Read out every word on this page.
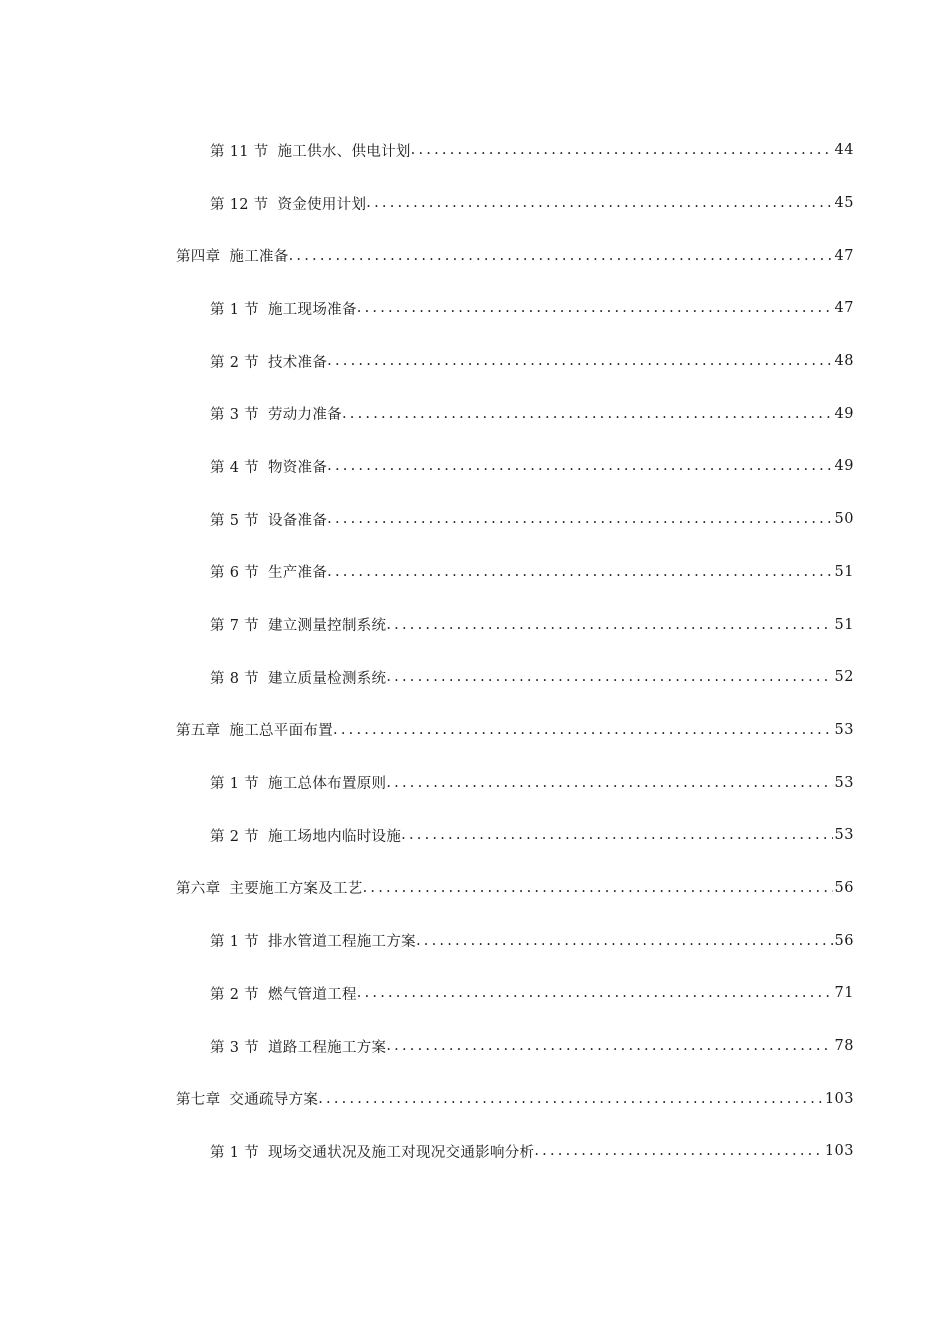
第 11 节 施工供水、供电计划 .....	44
第 12 节 资金使用计划 .....	45
第四章 施工准备 .....	47
第 1 节 施工现场准备 .....	47
第 2 节 技术准备 .....	48
第 3 节 劳动力准备 .....	49
第 4 节 物资准备 .....	49
第 5 节 设备准备 .....	50
第 6 节 生产准备 .....	51
第 7 节 建立测量控制系统 .....	51
第 8 节 建立质量检测系统 .....	52
第五章 施工总平面布置 .....	53
第 1 节 施工总体布置原则 .....	53
第 2 节 施工场地内临时设施 .....	53
第六章 主要施工方案及工艺 .....	56
第 1 节 排水管道工程施工方案 .....	56
第 2 节 燃气管道工程 .....	71
第 3 节 道路工程施工方案 .....	78
第七章 交通疏导方案 .....	103
第 1 节 现场交通状况及施工对现况交通影响分析 .....	103
